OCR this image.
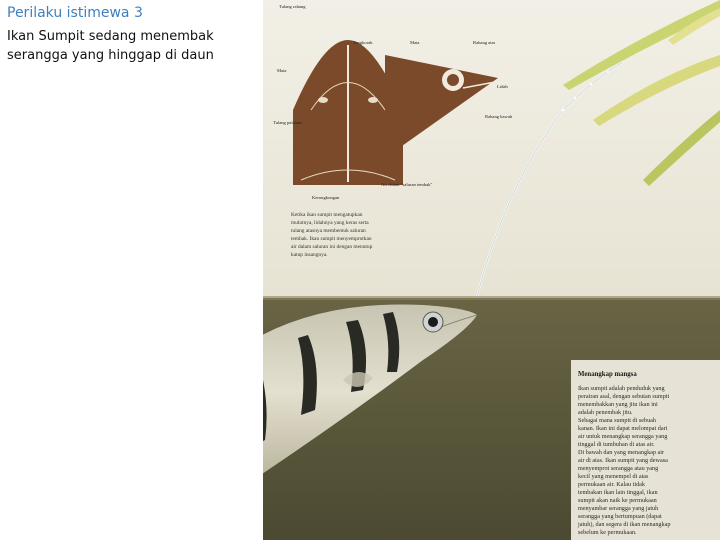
Perilaku istimewa 3
Ikan Sumpit sedang menembak serangga yang hinggap di daun
Tulang rahang
Tengkorak	Mata	Rahang atas
Mata
Lidah
Rahang bawah
Tulang palatum
Air dalam "saluran tembak"
Kerongkongan
Ketika ikan sumpit mengatupkan
mulutnya, lidahnya yang keras serta
tulang atasnya membentuk saluran
tembak. Ikan sumpit menyemprotkan
air dalam saluran ini dengan menutup
katup insangnya.
Menangkap mangsa
Ikan sumpit adalah penduduk yang
perairan asal, dengan sebutan sumpit
menembakkan yang jitu ikan ini
adalah penembak jitu.
Sebagai mana sumpit di sebuah
kanan. Ikan ini dapat melompat dari
air untuk menangkap serangga yang
tinggal di tumbuhan di atas air.
Di bawah dan yang menangkap air
air di atas. Ikan sumpit yang dewasa
menyemprot serangga atau yang
kecil yang menempel di atas
permukaan air. Kalau tidak
tembakan ikan lain tinggal, ikan
sumpit akan naik ke permukaan
menyambar serangga yang jatuh
serangga yang bertumpuan (dapat
jatuh), dan segera di ikan menangkap
sebelum ke permukaan.
